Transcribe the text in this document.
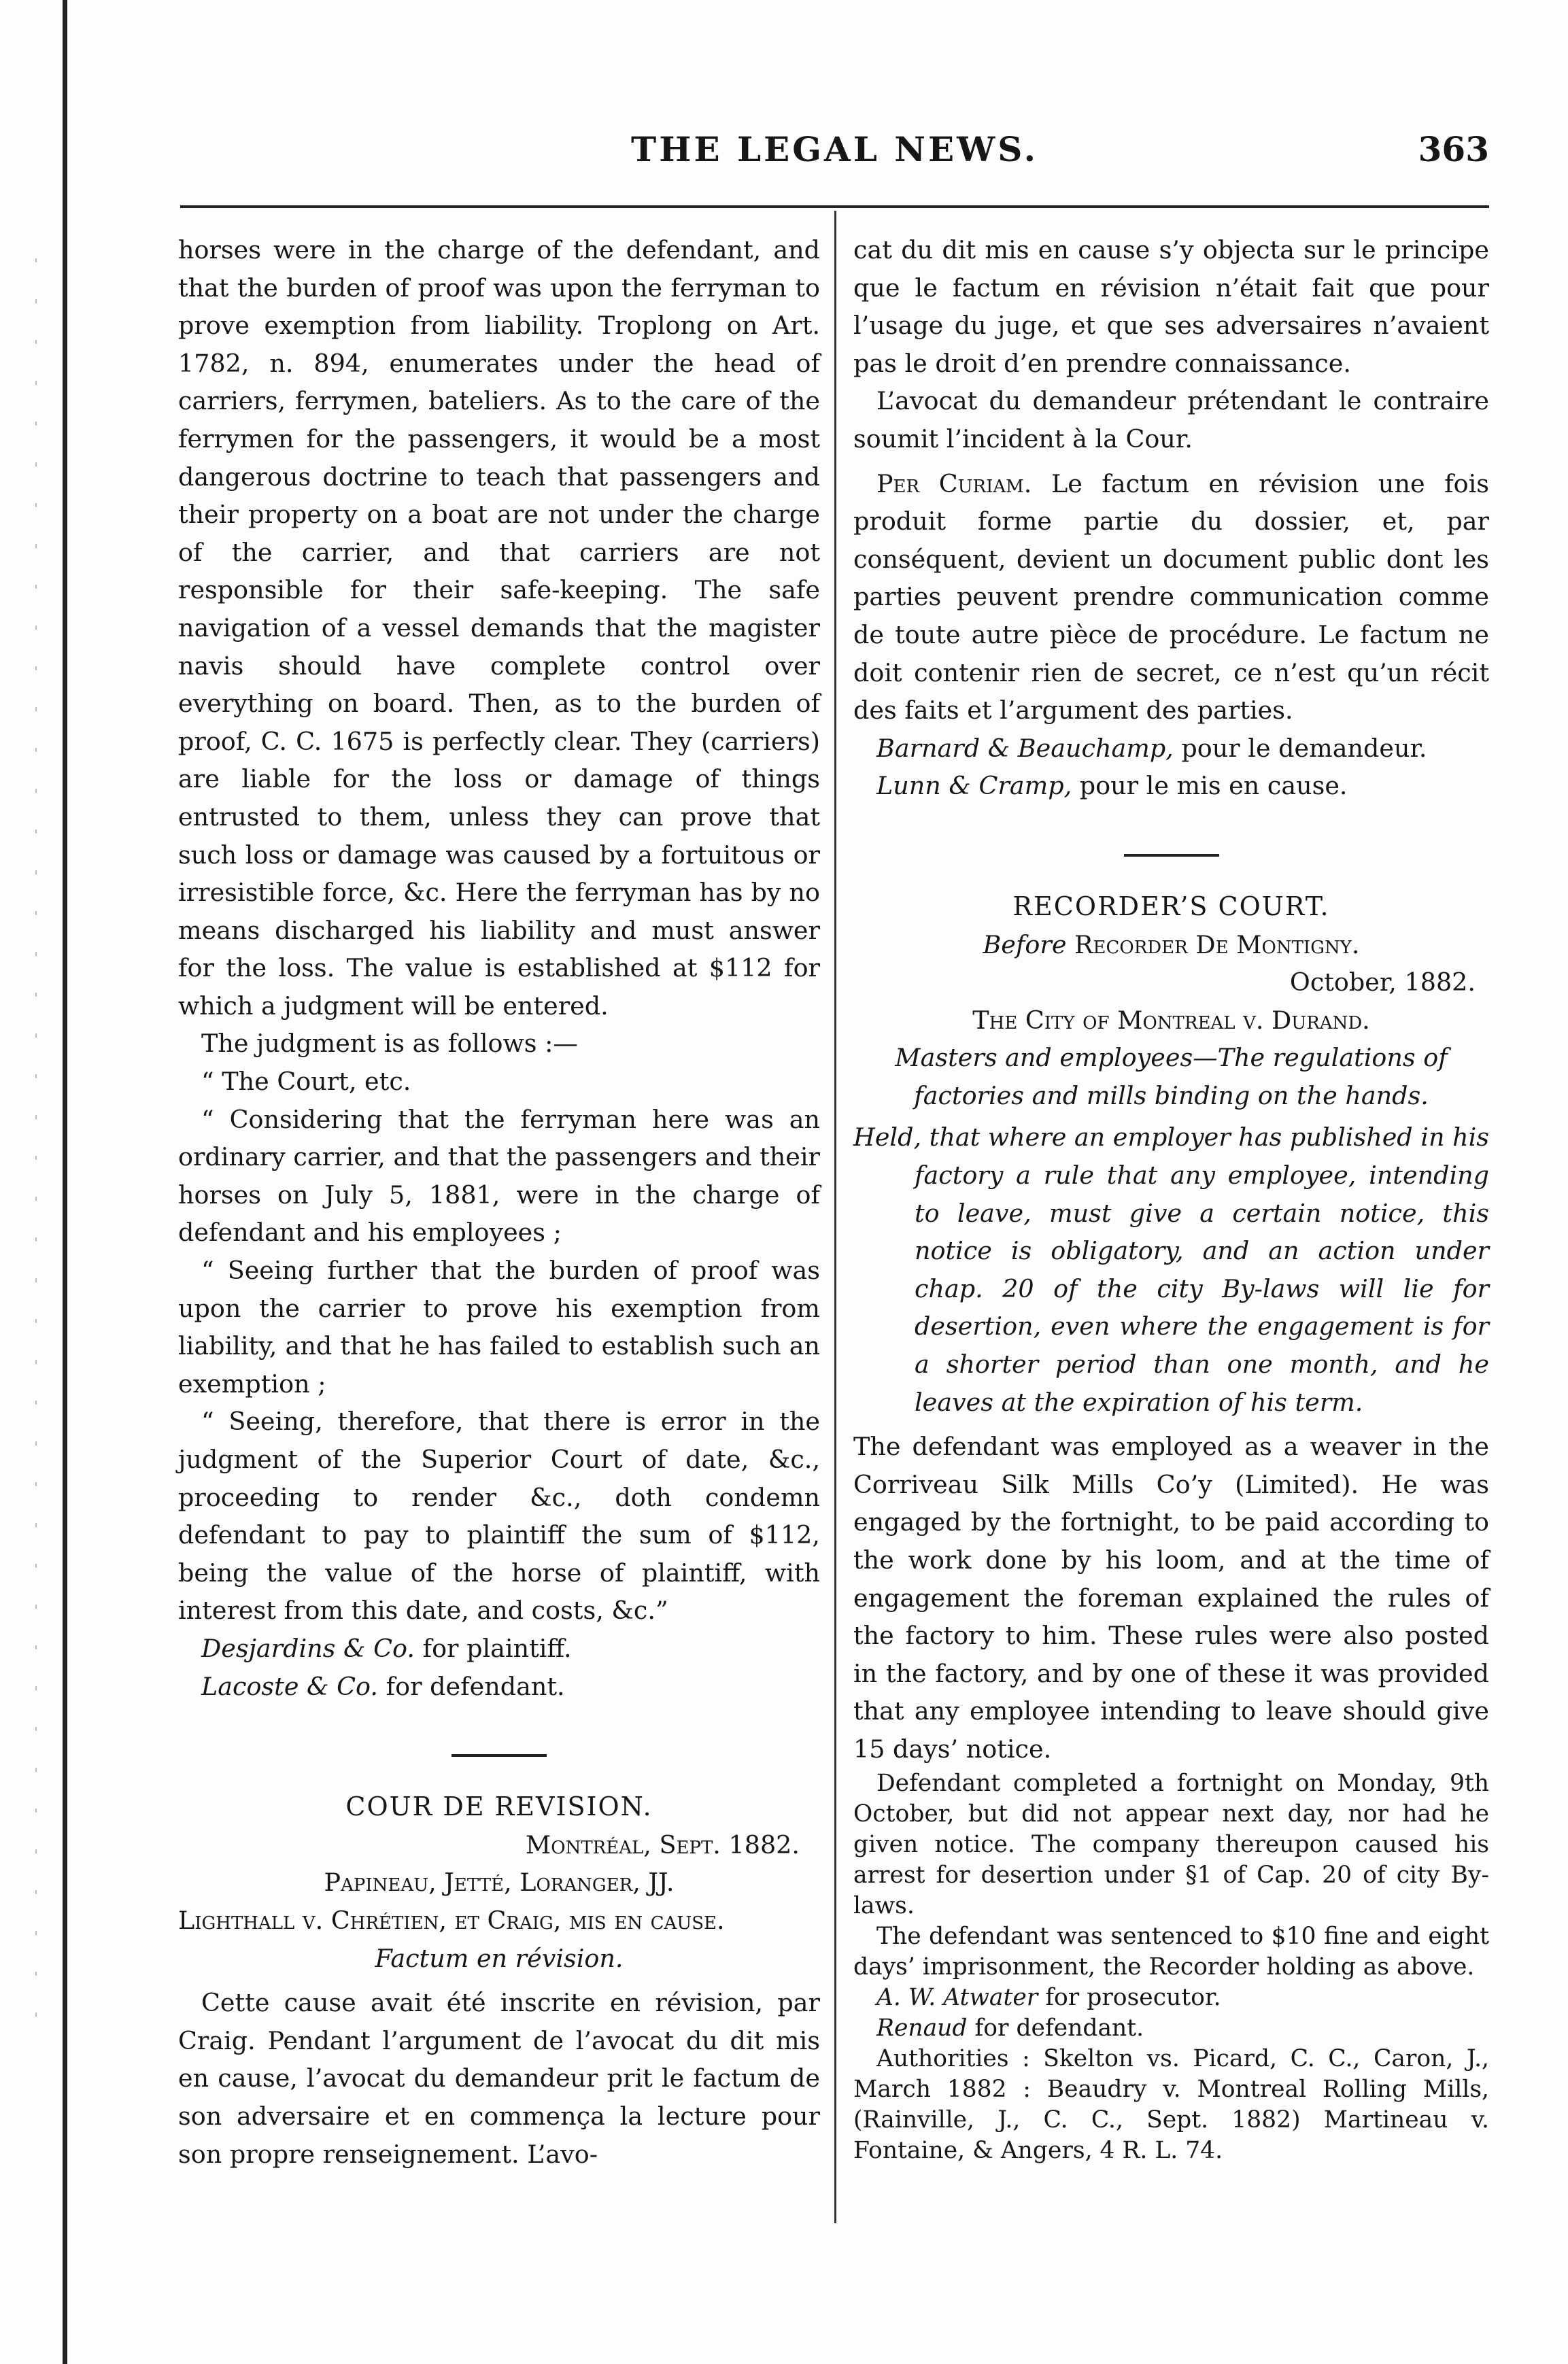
THE LEGAL NEWS.	363

horses were in the charge of the defendant, and that the burden of proof was upon the ferryman to prove exemption from liability. Troplong on Art. 1782, n. 894, enumerates under the head of carriers, ferrymen, bateliers. As to the care of the ferrymen for the passengers, it would be a most dangerous doctrine to teach that passengers and their property on a boat are not under the charge of the carrier, and that carriers are not responsible for their safe-keeping. The safe navigation of a vessel demands that the magister navis should have complete control over everything on board. Then, as to the burden of proof, C. C. 1675 is perfectly clear. They (carriers) are liable for the loss or damage of things entrusted to them, unless they can prove that such loss or damage was caused by a fortuitous or irresistible force, &c. Here the ferryman has by no means discharged his liability and must answer for the loss. The value is established at $112 for which a judgment will be entered.

The judgment is as follows :—

“ The Court, etc.

“ Considering that the ferryman here was an ordinary carrier, and that the passengers and their horses on July 5, 1881, were in the charge of defendant and his employees ;

“ Seeing further that the burden of proof was upon the carrier to prove his exemption from liability, and that he has failed to establish such an exemption ;

“ Seeing, therefore, that there is error in the judgment of the Superior Court of date, &c., proceeding to render &c., doth condemn defendant to pay to plaintiff the sum of $112, being the value of the horse of plaintiff, with interest from this date, and costs, &c.”

Desjardins & Co. for plaintiff.

Lacoste & Co. for defendant.

COUR DE REVISION.

Montréal, Sept. 1882.

Papineau, Jetté, Loranger, JJ.

Lighthall v. Chrétien, et Craig, mis en cause.

Factum en révision.

Cette cause avait été inscrite en révision, par Craig. Pendant l’argument de l’avocat du dit mis en cause, l’avocat du demandeur prit le factum de son adversaire et en commença la lecture pour son propre renseignement. L’avo-

cat du dit mis en cause s’y objecta sur le principe que le factum en révision n’était fait que pour l’usage du juge, et que ses adversaires n’avaient pas le droit d’en prendre connaissance.

L’avocat du demandeur prétendant le contraire soumit l’incident à la Cour.

Per Curiam. Le factum en révision une fois produit forme partie du dossier, et, par conséquent, devient un document public dont les parties peuvent prendre communication comme de toute autre pièce de procédure. Le factum ne doit contenir rien de secret, ce n’est qu’un récit des faits et l’argument des parties.

Barnard & Beauchamp, pour le demandeur.

Lunn & Cramp, pour le mis en cause.

RECORDER’S COURT.

Before Recorder De Montigny.

October, 1882.

The City of Montreal v. Durand.

Masters and employees—The regulations of factories and mills binding on the hands.

Held, that where an employer has published in his factory a rule that any employee, intending to leave, must give a certain notice, this notice is obligatory, and an action under chap. 20 of the city By-laws will lie for desertion, even where the engagement is for a shorter period than one month, and he leaves at the expiration of his term.

The defendant was employed as a weaver in the Corriveau Silk Mills Co’y (Limited). He was engaged by the fortnight, to be paid according to the work done by his loom, and at the time of engagement the foreman explained the rules of the factory to him. These rules were also posted in the factory, and by one of these it was provided that any employee intending to leave should give 15 days’ notice.

Defendant completed a fortnight on Monday, 9th October, but did not appear next day, nor had he given notice. The company thereupon caused his arrest for desertion under §1 of Cap. 20 of city By-laws.

The defendant was sentenced to $10 fine and eight days’ imprisonment, the Recorder holding as above.

A. W. Atwater for prosecutor.

Renaud for defendant.

Authorities : Skelton vs. Picard, C. C., Caron, J., March 1882 : Beaudry v. Montreal Rolling Mills, (Rainville, J., C. C., Sept. 1882) Martineau v. Fontaine, & Angers, 4 R. L. 74.
